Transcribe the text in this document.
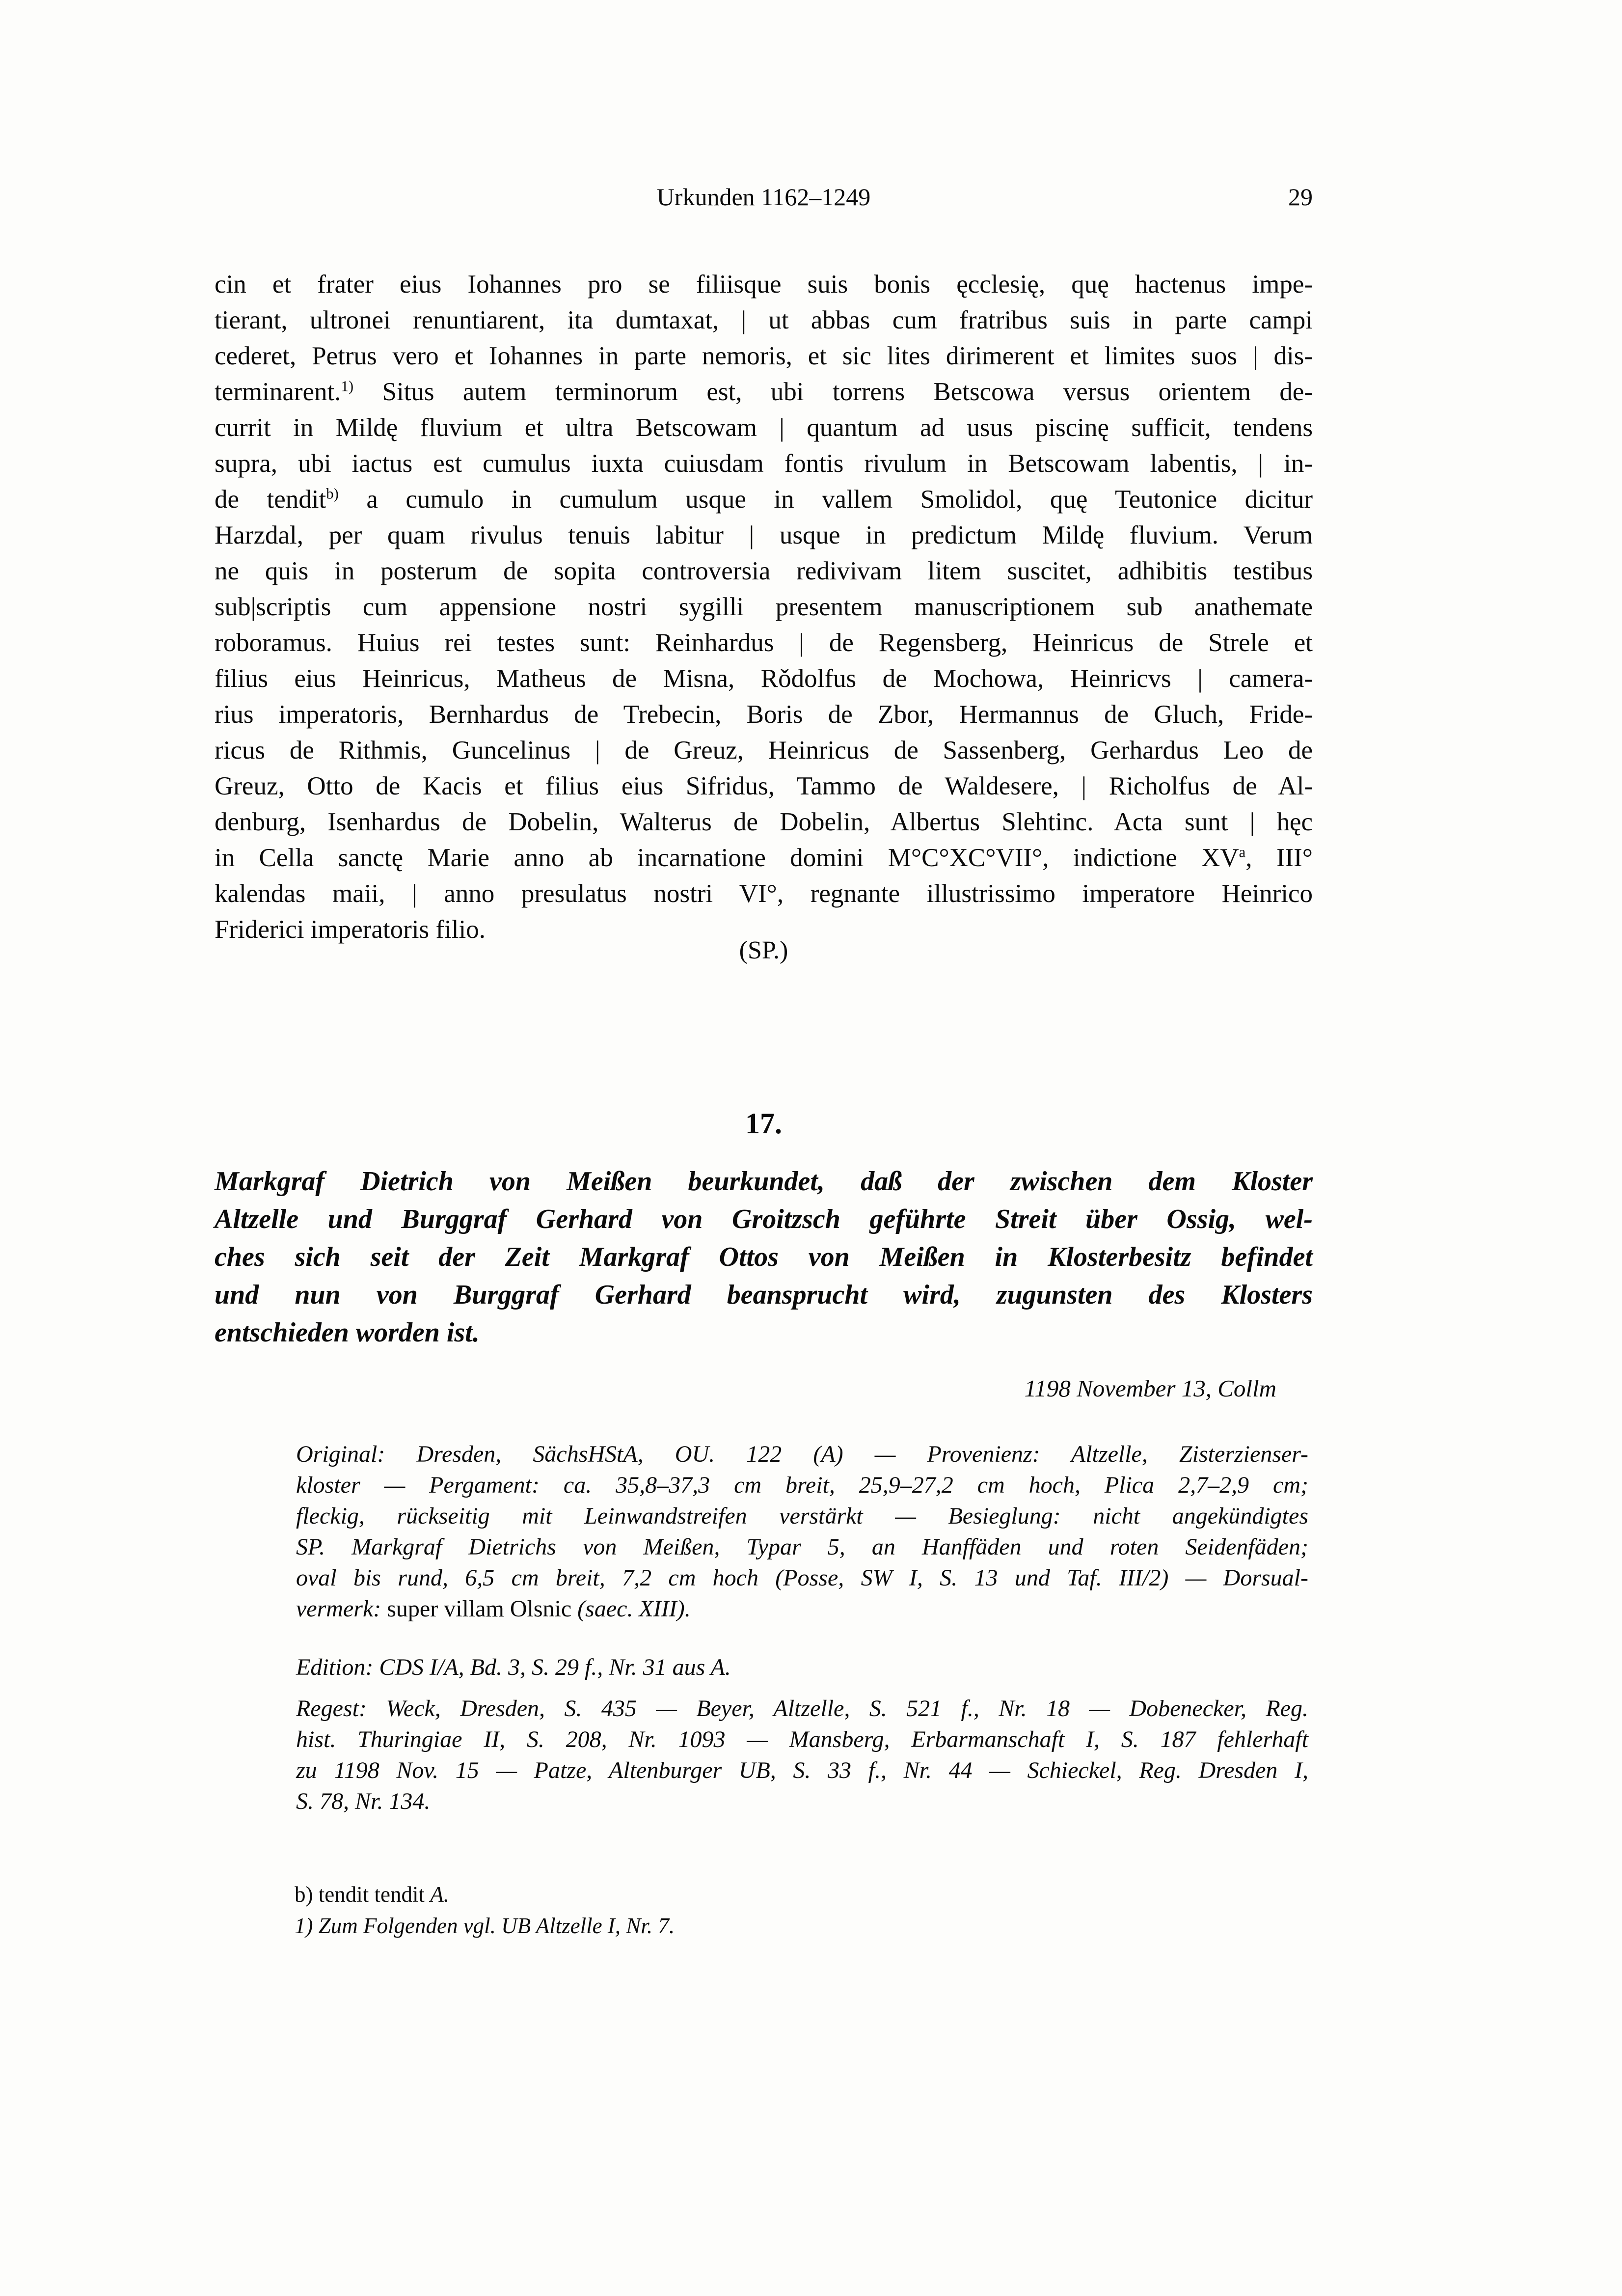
Urkunden 1162–1249	29
cin et frater eius Iohannes pro se filiisque suis bonis ęcclesię, quę hactenus impe-
tierant, ultronei renuntiarent, ita dumtaxat, | ut abbas cum fratribus suis in parte campi
cederet, Petrus vero et Iohannes in parte nemoris, et sic lites dirimerent et limites suos | dis-
terminarent.$^{1)}$ Situs autem terminorum est, ubi torrens Betscowa versus orientem de-
currit in Mildę fluvium et ultra Betscowam | quantum ad usus piscinę sufficit, tendens
supra, ubi iactus est cumulus iuxta cuiusdam fontis rivulum in Betscowam labentis, | in-
de tendit$^{b)}$ a cumulo in cumulum usque in vallem Smolidol, quę Teutonice dicitur
Harzdal, per quam rivulus tenuis labitur | usque in predictum Mildę fluvium. Verum
ne quis in posterum de sopita controversia redivivam litem suscitet, adhibitis testibus
sub|scriptis cum appensione nostri sygilli presentem manuscriptionem sub anathemate
roboramus. Huius rei testes sunt: Reinhardus | de Regensberg, Heinricus de Strele et
filius eius Heinricus, Matheus de Misna, Rǒdolfus de Mochowa, Heinricvs | camera-
rius imperatoris, Bernhardus de Trebecin, Boris de Zbor, Hermannus de Gluch, Fride-
ricus de Rithmis, Guncelinus | de Greuz, Heinricus de Sassenberg, Gerhardus Leo de
Greuz, Otto de Kacis et filius eius Sifridus, Tammo de Waldesere, | Richolfus de Al-
denburg, Isenhardus de Dobelin, Walterus de Dobelin, Albertus Slehtinc. Acta sunt | hęc
in Cella sanctę Marie anno ab incarnatione domini M°C°XC°VII°, indictione $XV^a$, III°
kalendas maii, | anno presulatus nostri VI°, regnante illustrissimo imperatore Heinrico
Friderici imperatoris filio.
(SP.)
17.
Markgraf Dietrich von Meißen beurkundet, daß der zwischen dem Kloster
Altzelle und Burggraf Gerhard von Groitzsch geführte Streit über Ossig, wel-
ches sich seit der Zeit Markgraf Ottos von Meißen in Klosterbesitz befindet
und nun von Burggraf Gerhard beansprucht wird, zugunsten des Klosters
entschieden worden ist.
1198 November 13, Collm
Original: Dresden, SächsHStA, OU. 122 (A) — Provenienz: Altzelle, Zisterzienser-
kloster — Pergament: ca. 35,8–37,3 cm breit, 25,9–27,2 cm hoch, Plica 2,7–2,9 cm;
fleckig, rückseitig mit Leinwandstreifen verstärkt — Besieglung: nicht angekündigtes
SP. Markgraf Dietrichs von Meißen, Typar 5, an Hanffäden und roten Seidenfäden;
oval bis rund, 6,5 cm breit, 7,2 cm hoch (Posse, SW I, S. 13 und Taf. III/2) — Dorsual-
vermerk: super villam Olsnic (saec. XIII).
Edition: CDS I/A, Bd. 3, S. 29 f., Nr. 31 aus A.
Regest: Weck, Dresden, S. 435 — Beyer, Altzelle, S. 521 f., Nr. 18 — Dobenecker, Reg.
hist. Thuringiae II, S. 208, Nr. 1093 — Mansberg, Erbarmanschaft I, S. 187 fehlerhaft
zu 1198 Nov. 15 — Patze, Altenburger UB, S. 33 f., Nr. 44 — Schieckel, Reg. Dresden I,
S. 78, Nr. 134.
b) tendit tendit A.
1) Zum Folgenden vgl. UB Altzelle I, Nr. 7.
